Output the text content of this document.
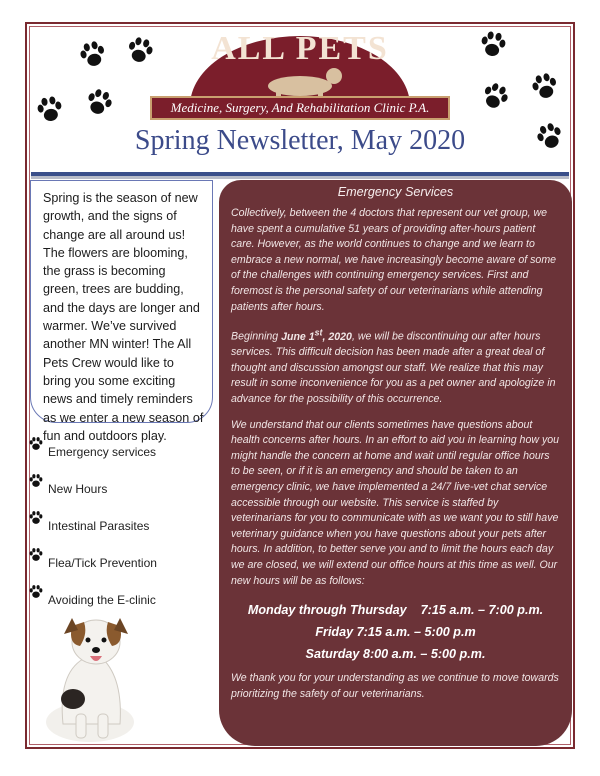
ALL PETS
Medicine, Surgery, And Rehabilitation Clinic P.A.
Spring Newsletter, May 2020
Spring is the season of new growth, and the signs of change are all around us! The flowers are blooming, the grass is becoming green, trees are budding, and the days are longer and warmer. We’ve survived another MN winter! The All Pets Crew would like to bring you some exciting news and timely reminders as we enter a new season of fun and outdoors play.
Emergency services
New Hours
Intestinal Parasites
Flea/Tick Prevention
Avoiding the E-clinic
Emergency Services

Collectively, between the 4 doctors that represent our vet group, we have spent a cumulative 51 years of providing after-hours patient care. However, as the world continues to change and we learn to embrace a new normal, we have increasingly become aware of some of the challenges with continuing emergency services. First and foremost is the personal safety of our veterinarians while attending patients after hours.

Beginning June 1st, 2020, we will be discontinuing our after hours services. This difficult decision has been made after a great deal of thought and discussion amongst our staff. We realize that this may result in some inconvenience for you as a pet owner and apologize in advance for the possibility of this occurrence.

We understand that our clients sometimes have questions about health concerns after hours. In an effort to aid you in learning how you might handle the concern at home and wait until regular office hours to be seen, or if it is an emergency and should be taken to an emergency clinic, we have implemented a 24/7 live-vet chat service accessible through our website. This service is staffed by veterinarians for you to communicate with as we want you to still have veterinary guidance when you have questions about your pets after hours. In addition, to better serve you and to limit the hours each day we are closed, we will extend our office hours at this time as well. Our new hours will be as follows:

Monday through Thursday    7:15 a.m. – 7:00 p.m.
Friday 7:15 a.m. – 5:00 p.m
Saturday 8:00 a.m. – 5:00 p.m.

We thank you for your understanding as we continue to move towards prioritizing the safety of our veterinarians.
